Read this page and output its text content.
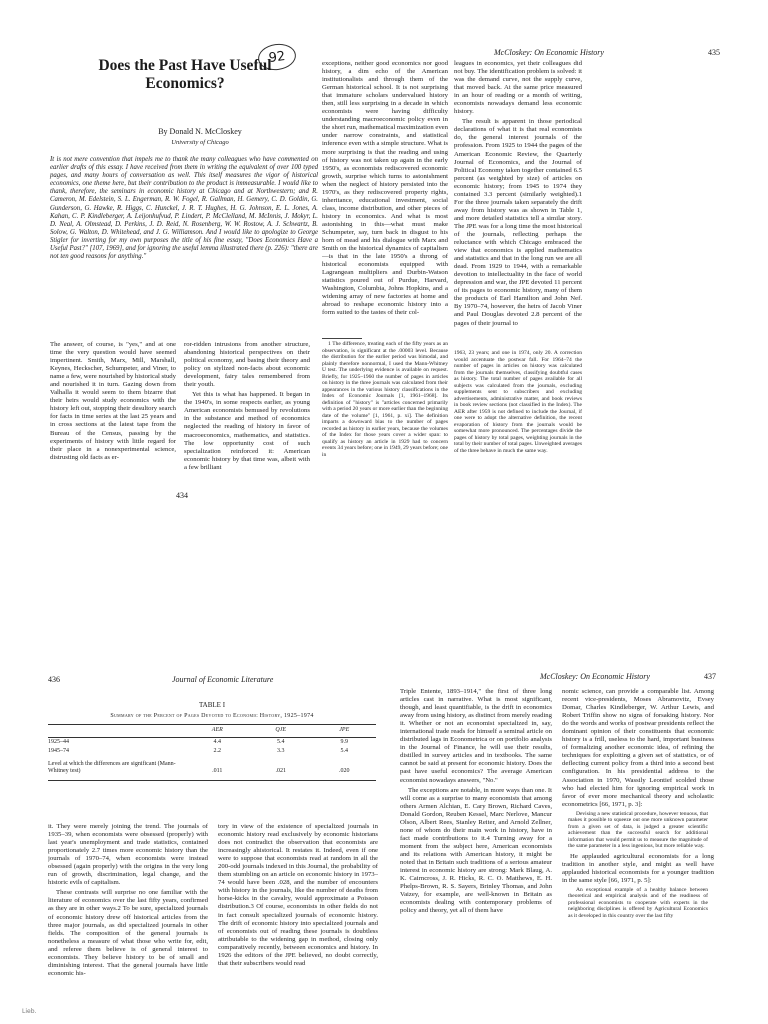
McCloskey: On Economic History	435
92
Does the Past Have Useful Economics?
By Donald N. McCloskey
University of Chicago
It is not mere convention that impels me to thank the many colleagues who have commented on earlier drafts of this essay. I have received from them in writing the equivalent of over 100 typed pages, and many hours of conversation as well. This itself measures the vigor of historical economics, one theme here, but their contribution to the product is immeasurable. I would like to thank, therefore, the seminars in economic history at Chicago and at Northwestern; and R. Cameron, M. Edelstein, S. L. Engerman, R. W. Fogel, R. Gallman, H. Gemery, C. D. Goldin, G. Gunderson, G. Hawke, R. Higgs, C. Hunckel, J. R. T. Hughes, H. G. Johnson, E. L. Jones, A. Kahan, C. P. Kindleberger, A. Leijonhufvud, P. Lindert, P. McClelland, M. McInnis, J. Mokyr, L. D. Neal, A. Olmstead, D. Perkins, J. D. Reid, N. Rosenberg, W. W. Rostow, A. J. Schwartz, B. Solow, G. Walton, D. Whitehead, and J. G. Williamson. And I would like to apologize to George Stigler for inverting for my own purposes the title of his fine essay, "Does Economics Have a Useful Past?" [107, 1969], and for ignoring the useful lemma illustrated there (p. 226): "there are not ten good reasons for anything."

The answer, of course, is "yes," and at one time the very question would have seemed impertinent. Smith, Marx, Mill, Marshall, Keynes, Heckscher, Schumpeter, and Viner, to name a few, were nourished by historical study and nourished it in turn. Gazing down from Valhalla it would seem to them bizarre that their heirs would study economics with the history left out, stopping their desultory search for facts in time series at the last 25 years and in cross sections at the latest tape from the Bureau of the Census, passing by the experiments of history with little regard for their place in a nonexperimental science, distrusting old facts as er-

ror-ridden intrusions from another structure, abandoning historical perspectives on their political economy, and basing their theory and policy on stylized non-facts about economic development, fairy tales remembered from their youth.

Yet this is what has happened. It began in the 1940's, in some respects earlier, as young American economists bemused by revolutions in the substance and method of economics neglected the reading of history in favor of macroeconomics, mathematics, and statistics. The low opportunity cost of such specialization reinforced it: American economic history by that time was, albeit with a few brilliant

434

exceptions, neither good economics nor good history, a dim echo of the American institutionalists and through them of the German historical school. It is not surprising that immature scholars undervalued history then, still less surprising in a decade in which economists were having difficulty understanding macroeconomic policy even in the short run, mathematical maximization even under narrow constraints, and statistical inference even with a simple structure. What is more surprising is that the reading and using of history was not taken up again in the early 1950's, as economists rediscovered economic growth, surprise which turns to astonishment when the neglect of history persisted into the 1970's, as they rediscovered property rights, inheritance, educational investment, social class, income distribution, and other pieces of history in economics. And what is most astonishing in this—what must make Schumpeter, say, turn back in disgust to his horn of mead and his dialogue with Marx and Smith on the historical dynamics of capitalism—is that in the late 1950's a throng of historical economists equipped with Lagrangean multipliers and Durbin-Watson statistics poured out of Purdue, Harvard, Washington, Columbia, Johns Hopkins, and a widening array of new factories at home and abroad to reshape economic history into a form suited to the tastes of their col-

1 The difference, treating each of the fifty years as an observation, is significant at the .00003 level. Because the distribution for the earlier period was bimodal, and plainly therefore nonnormal, I used the Mann-Whitney U test. The underlying evidence is available on request. Briefly, for 1925–1960 the number of pages in articles on history in the three journals was calculated from their appearances in the various history classifications in the Index of Economic Journals [1, 1961–1968]. Its definition of "history" is "articles concerned primarily with a period 20 years or more earlier than the beginning date of the volume" [1, 1961, p. xi]. The definition imparts a downward bias to the number of pages recorded as history in earlier years, because the volumes of the Index for those years cover a wider span: to qualify as history an article in 1929 had to concern events 34 years before; one in 1949, 29 years before; one in

leagues in economics, yet their colleagues did not buy. The identification problem is solved: it was the demand curve, not the supply curve, that moved back. At the same price measured in an hour of reading or a month of writing, economists nowadays demand less economic history.

The result is apparent in those periodical declarations of what it is that real economists do, the general interest journals of the profession. From 1925 to 1944 the pages of the American Economic Review, the Quarterly Journal of Economics, and the Journal of Political Economy taken together contained 6.5 percent (as weighted by size) of articles on economic history; from 1945 to 1974 they contained 3.3 percent (similarly weighted).1 For the three journals taken separately the drift away from history was as shown in Table 1, and more detailed statistics tell a similar story. The JPE was for a long time the most historical of the journals, reflecting perhaps the reluctance with which Chicago embraced the view that economics is applied mathematics and statistics and that in the long run we are all dead. From 1929 to 1944, with a remarkable devotion to intellectuality in the face of world depression and war, the JPE devoted 11 percent of its pages to economic history, many of them the products of Earl Hamilton and John Nef. By 1970–74, however, the heirs of Jacob Viner and Paul Douglas devoted 2.8 percent of the pages of their journal to

1963, 23 years; and one in 1974, only 20. A correction would accentuate the postwar fall. For 1964–74 the number of pages in articles on history was calculated from the journals themselves, classifying doubtful cases as history. The total number of pages available for all subjects was calculated from the journals, excluding supplements sent to subscribers and excluding advertisements, administrative matter, and book reviews in book review sections (not classified in the Index). The AER after 1959 is not defined to include the Journal, if one were to adopt the alternative definition, the recent evaporation of history from the journals would be somewhat more pronounced. The percentages divide the pages of history by total pages, weighting journals in the total by their number of total pages. Unweighted averages of the three behave in much the same way.

436	Journal of Economic Literature
TABLE I
Summary of the Percent of Pages Devoted to Economic History, 1925–1974
	AER	QJE	JPE
1925–44	4.4	5.4	9.9
1945–74	2.2	3.3	5.4
Level at which the differences are significant (Mann-Whitney test)	.011	.021	.020

it. They were merely joining the trend. The journals of 1935–39, when economists were obsessed (properly) with last year's unemployment and trade statistics, contained proportionately 2.7 times more economic history than the journals of 1970–74, when economists were instead obsessed (again properly) with the origins in the very long run of growth, discrimination, legal change, and the historic evils of capitalism.

These contrasts will surprise no one familiar with the literature of economics over the last fifty years, confirmed as they are in other ways.2 To be sure, specialized journals of economic history drew off historical articles from the three major journals, as did specialized journals in other fields. The composition of the general journals is nonetheless a measure of what those who write for, edit, and referee them believe is of general interest to economists. They believe history to be of small and diminishing interest. That the general journals have little economic his-

tory in view of the existence of specialized journals in economic history read exclusively by economic historians does not contradict the observation that economists are increasingly ahistorical. It restates it. Indeed, even if one were to suppose that economists read at random in all the 200-odd journals indexed in this Journal, the probability of them stumbling on an article on economic history in 1973–74 would have been .028, and the number of encounters with history in the journals, like the number of deaths from horse-kicks in the cavalry, would approximate a Poisson distribution.3 Of course, economists in other fields do not in fact consult specialized journals of economic history. The drift of economic history into specialized journals and of economists out of reading these journals is doubtless attributable to the widening gap in method, closing only comparatively recently, between economics and history. In 1926 the editors of the JPE believed, no doubt correctly, that their subscribers would read

Lieb.
McCloskey: On Economic History	437

Triple Entente, 1893–1914," the first of three long articles cast in narrative. What is most significant, though, and least quantifiable, is the drift in economics away from using history, as distinct from merely reading it. Whether or not an economist specialized in, say, international trade reads for himself a seminal article on distributed lags in Econometrica or on portfolio analysis in the Journal of Finance, he will use their results, distilled in survey articles and in textbooks. The same cannot be said at present for economic history. Does the past have useful economics? The average American economist nowadays answers, "No."

The exceptions are notable, in more ways than one. It will come as a surprise to many economists that among others Armen Alchian, E. Cary Brown, Richard Caves, Donald Gordon, Reuben Kessel, Marc Nerlove, Mancur Olson, Albert Rees, Stanley Reiter, and Arnold Zellner, none of whom do their main work in history, have in fact made contributions to it.4 Turning away for a moment from the subject here, American economists and its relations with American history, it might be noted that in Britain such traditions of a serious amateur interest in economic history are strong: Mark Blaug, A. K. Cairncross, J. R. Hicks, R. C. O. Matthews, E. H. Phelps-Brown, R. S. Sayers, Brinley Thomas, and John Vaizey, for example, are well-known in Britain as economists dealing with contemporary problems of policy and theory, yet all of them have

nomic science, can provide a comparable list. Among recent vice-presidents, Moses Abramovitz, Evsey Domar, Charles Kindleberger, W. Arthur Lewis, and Robert Triffin show no signs of forsaking history. Nor do the words and works of postwar presidents reflect the dominant opinion of their constituents that economic history is a frill, useless to the hard, important business of formalizing another economic idea, of refining the techniques for exploiting a given set of statistics, or of deflecting current policy from a third into a second best configuration. In his presidential address to the Association in 1970, Wassily Leontief scolded those who had elected him for ignoring empirical work in favor of ever more mechanical theory and scholastic econometrics [66, 1971, p. 3]:

Devising a new statistical procedure, however tenuous, that makes it possible to squeeze out one more unknown parameter from a given set of data, is judged a greater scientific achievement than the successful search for additional information that would permit us to measure the magnitude of the same parameter in a less ingenious, but more reliable way.

He applauded agricultural economists for a long tradition in another style, and might as well have applauded historical economists for a younger tradition in the same style [66, 1971, p. 5]:

An exceptional example of a healthy balance between theoretical and empirical analysis and of the readiness of professional economists to cooperate with experts in the neighboring disciplines is offered by Agricultural Economics as it developed in this country over the last fifty
